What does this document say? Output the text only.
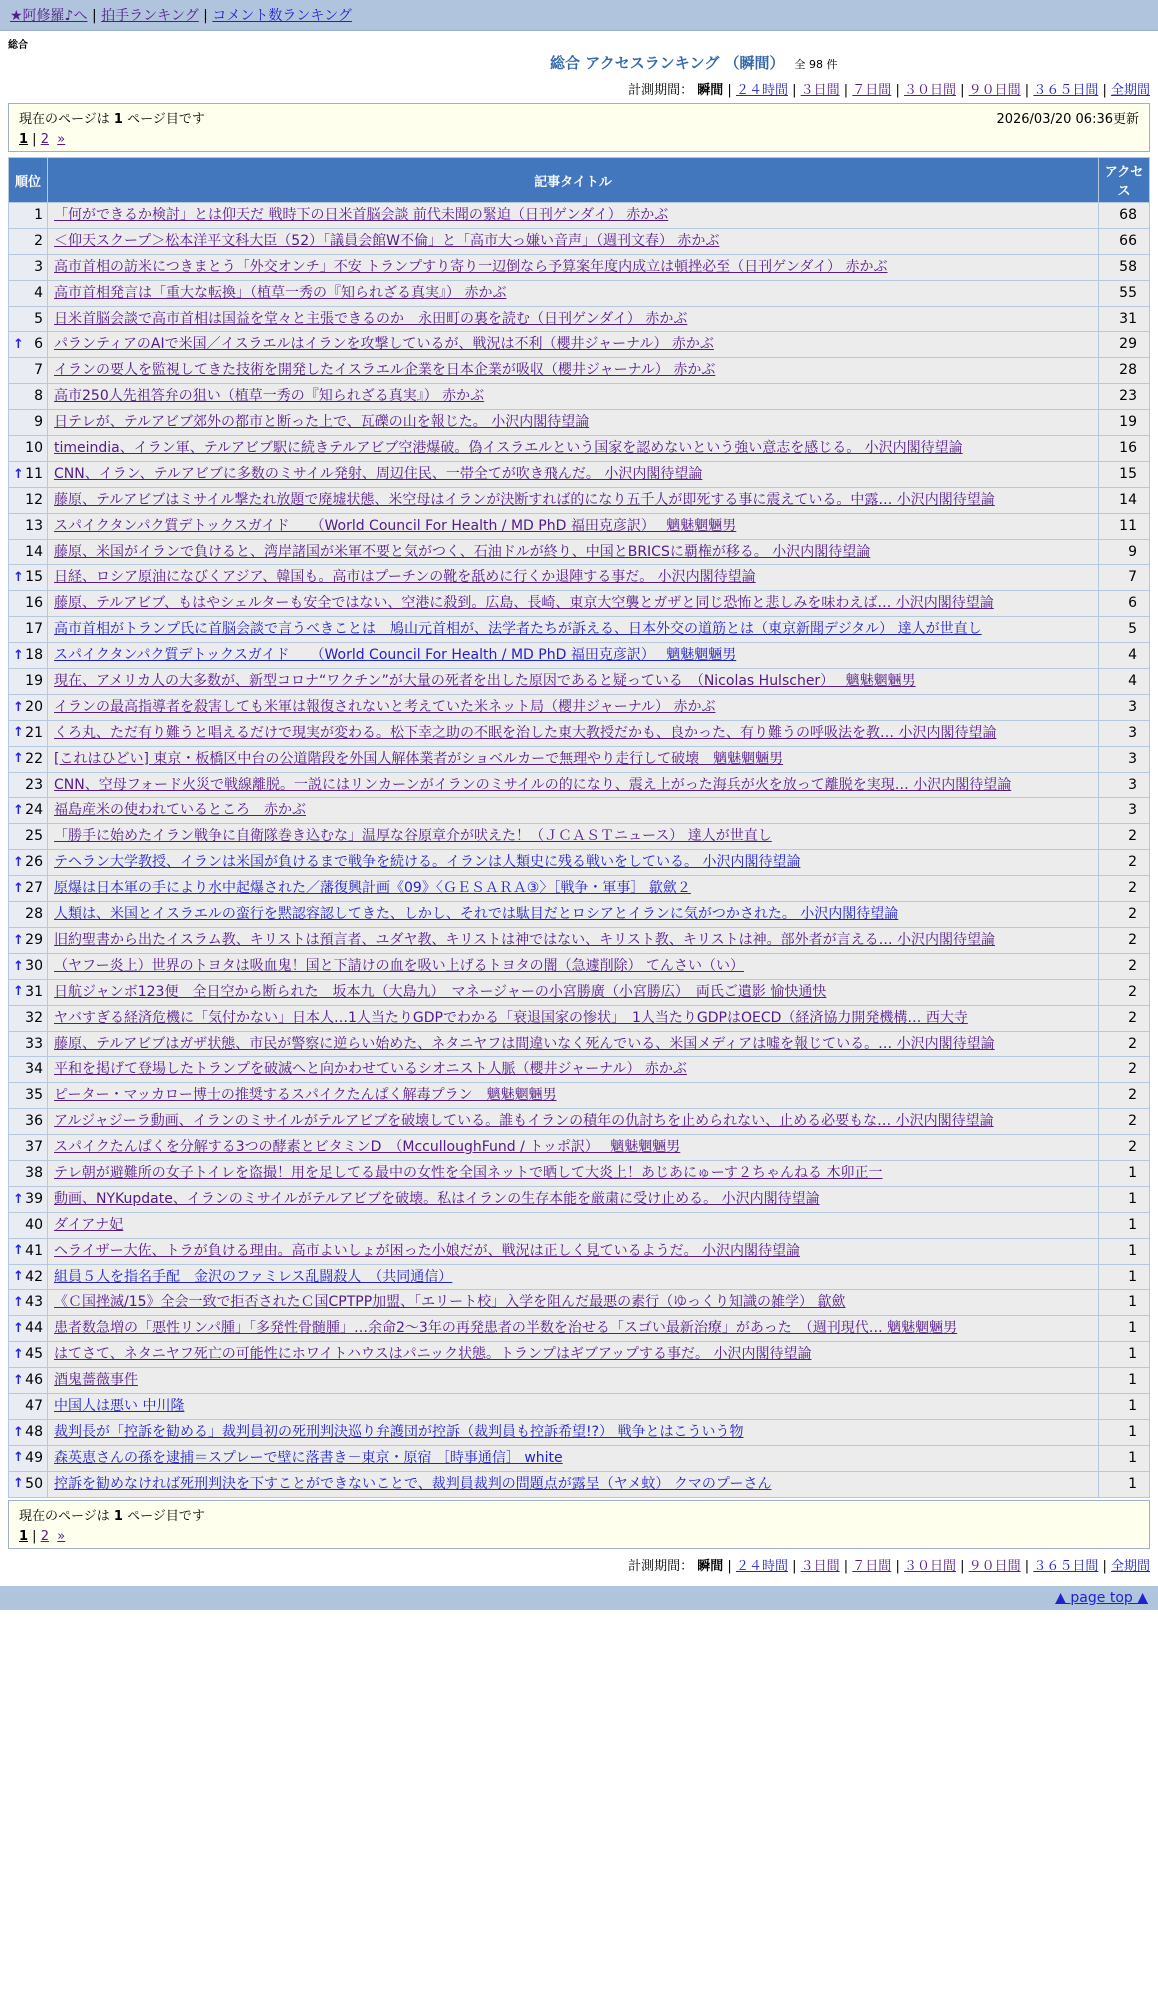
★阿修羅♪へ | 拍手ランキング | コメント数ランキング
総合
総合 アクセスランキング （瞬間） 全 98 件
計測期間： 瞬間 | ２４時間 | ３日間 | ７日間 | ３０日間 | ９０日間 | ３６５日間 | 全期間
現在のページは 1 ページ目です	2026/03/20 06:36更新
1 | 2 »
順位	記事タイトル	アクセス

1	「何ができるか検討」とは仰天だ 戦時下の日米首脳会談 前代未聞の緊迫（日刊ゲンダイ） 赤かぶ	68

2	＜仰天スクープ＞松本洋平文科大臣（52）「議員会館W不倫」と「高市大っ嫌い音声」（週刊文春） 赤かぶ	66

3	高市首相の訪米につきまとう「外交オンチ」不安 トランプすり寄り一辺倒なら予算案年度内成立は頓挫必至（日刊ゲンダイ） 赤かぶ	58

4	高市首相発言は「重大な転換」（植草一秀の『知られざる真実』） 赤かぶ	55

5	日米首脳会談で高市首相は国益を堂々と主張できるのか　永田町の裏を読む（日刊ゲンダイ） 赤かぶ	31

↑ 6	パランティアのAIで米国／イスラエルはイランを攻撃しているが、戦況は不利（櫻井ジャーナル） 赤かぶ	29

7	イランの要人を監視してきた技術を開発したイスラエル企業を日本企業が吸収（櫻井ジャーナル） 赤かぶ	28

8	高市250人先祖答弁の狙い（植草一秀の『知られざる真実』） 赤かぶ	23

9	日テレが、テルアビブ郊外の都市と断った上で、瓦礫の山を報じた。 小沢内閣待望論	19

10	timeindia、イラン軍、テルアビブ駅に続きテルアビブ空港爆破。偽イスラエルという国家を認めないという強い意志を感じる。 小沢内閣待望論	16

↑ 11	CNN、イラン、テルアビブに多数のミサイル発射、周辺住民、一帯全てが吹き飛んだ。 小沢内閣待望論	15

12	藤原、テルアビブはミサイル撃たれ放題で廃墟状態、米空母はイランが決断すれば的になり五千人が即死する事に震えている。中露… 小沢内閣待望論	14

13	スパイクタンパク質デトックスガイド　　（World Council For Health / MD PhD 福田克彦訳）　 魑魅魍魎男	11

14	藤原、米国がイランで負けると、湾岸諸国が米軍不要と気がつく、石油ドルが終り、中国とBRICSに覇権が移る。 小沢内閣待望論	9

↑ 15	日経、ロシア原油になびくアジア、韓国も。高市はプーチンの靴を舐めに行くか退陣する事だ。 小沢内閣待望論	7

16	藤原、テルアビブ、もはやシェルターも安全ではない、空港に殺到。広島、長崎、東京大空襲とガザと同じ恐怖と悲しみを味わえば… 小沢内閣待望論	6

17	高市首相がトランプ氏に首脳会談で言うべきことは　鳩山元首相が、法学者たちが訴える、日本外交の道筋とは（東京新聞デジタル） 達人が世直し	5

↑ 18	スパイクタンパク質デトックスガイド　　（World Council For Health / MD PhD 福田克彦訳）　 魑魅魍魎男	4

19	現在、アメリカ人の大多数が、新型コロナ“ワクチン”が大量の死者を出した原因であると疑っている　（Nicolas Hulscher）　 魑魅魍魎男	4

↑ 20	イランの最高指導者を殺害しても米軍は報復されないと考えていた米ネット局（櫻井ジャーナル） 赤かぶ	3

↑ 21	くろ丸、ただ有り難うと唱えるだけで現実が変わる。松下幸之助の不眠を治した東大教授だかも、良かった、有り難うの呼吸法を教… 小沢内閣待望論	3

↑ 22	[これはひどい] 東京・板橋区中台の公道階段を外国人解体業者がショベルカーで無理やり走行して破壊　魑魅魍魎男	3

23	CNN、空母フォード火災で戦線離脱。一説にはリンカーンがイランのミサイルの的になり、震え上がった海兵が火を放って離脱を実現… 小沢内閣待望論	3

↑ 24	福島産米の使われているところ　赤かぶ	3

25	「勝手に始めたイラン戦争に自衛隊巻き込むな」温厚な谷原章介が吠えた！（ＪＣＡＳＴニュース） 達人が世直し	2

↑ 26	テヘラン大学教授、イランは米国が負けるまで戦争を続ける。イランは人類史に残る戦いをしている。 小沢内閣待望論	2

↑ 27	原爆は日本軍の手により水中起爆された／藩復興計画《09》〈ＧＥＳＡＲＡ③〉［戦争・軍事］ 歙歛２	2

28	人類は、米国とイスラエルの蛮行を黙認容認してきた、しかし、それでは駄目だとロシアとイランに気がつかされた。 小沢内閣待望論	2

↑ 29	旧約聖書から出たイスラム教、キリストは預言者、ユダヤ教、キリストは神ではない、キリスト教、キリストは神。部外者が言える… 小沢内閣待望論	2

↑ 30	（ヤフー炎上）世界のトヨタは吸血鬼！国と下請けの血を吸い上げるトヨタの闇（急遽削除） てんさい（い）	2

↑ 31	日航ジャンボ123便　全日空から断られた　坂本九（大島九）　マネージャーの小宮勝廣（小宮勝広）　両氏ご遺影 愉快通快	2

32	ヤバすぎる経済危機に「気付かない」日本人…1人当たりGDPでわかる「衰退国家の惨状」　1人当たりGDPはOECD（経済協力開発機構… 西大寺	2

33	藤原、テルアビブはガザ状態、市民が警察に逆らい始めた、ネタニヤフは間違いなく死んでいる、米国メディアは嘘を報じている。… 小沢内閣待望論	2

34	平和を掲げて登場したトランプを破滅へと向かわせているシオニスト人脈（櫻井ジャーナル） 赤かぶ	2

35	ピーター・マッカロー博士の推奨するスパイクたんぱく解毒プラン　魑魅魍魎男	2

36	アルジャジーラ動画、イランのミサイルがテルアビブを破壊している。誰もイランの積年の仇討ちを止められない、止める必要もな… 小沢内閣待望論	2

37	スパイクたんぱくを分解する3つの酵素とビタミンD　（McculloughFund / トッポ訳）　 魑魅魍魎男	2

38	テレ朝が避難所の女子トイレを盗撮！用を足してる最中の女性を全国ネットで晒して大炎上！あじあにゅーす２ちゃんねる 木卯正一	1

↑ 39	動画、NYKupdate、イランのミサイルがテルアビブを破壊。私はイランの生存本能を厳粛に受け止める。 小沢内閣待望論	1

40	ダイアナ妃	1

↑ 41	ヘライザー大佐、トラが負ける理由。高市よいしょが困った小娘だが、戦況は正しく見ているようだ。 小沢内閣待望論	1

↑ 42	組員５人を指名手配　金沢のファミレス乱闘殺人　（共同通信）	1

↑ 43	《Ｃ国挫滅/15》全会一致で拒否されたＣ国CPTPP加盟、「エリート校」入学を阻んだ最悪の素行（ゆっくり知識の雑学） 歙歛	1

↑ 44	患者数急増の「悪性リンパ腫」「多発性骨髄腫」…余命2～3年の再発患者の半数を治せる「スゴい最新治療」があった　（週刊現代… 魑魅魍魎男	1

↑ 45	はてさて、ネタニヤフ死亡の可能性にホワイトハウスはパニック状態。トランプはギブアップする事だ。 小沢内閣待望論	1

↑ 46	酒鬼薔薇事件	1

47	中国人は悪い 中川隆	1

↑ 48	裁判長が「控訴を勧める」裁判員初の死刑判決巡り弁護団が控訴（裁判員も控訴希望!?） 戦争とはこういう物	1

↑ 49	森英恵さんの孫を逮捕＝スプレーで壁に落書き－東京・原宿 ［時事通信］ white	1

↑ 50	控訴を勧めなければ死刑判決を下すことができないことで、裁判員裁判の問題点が露呈（ヤメ蚊） クマのプーさん	1
現在のページは 1 ページ目です
1 | 2 »
計測期間： 瞬間 | ２４時間 | ３日間 | ７日間 | ３０日間 | ９０日間 | ３６５日間 | 全期間
▲ page top ▲
